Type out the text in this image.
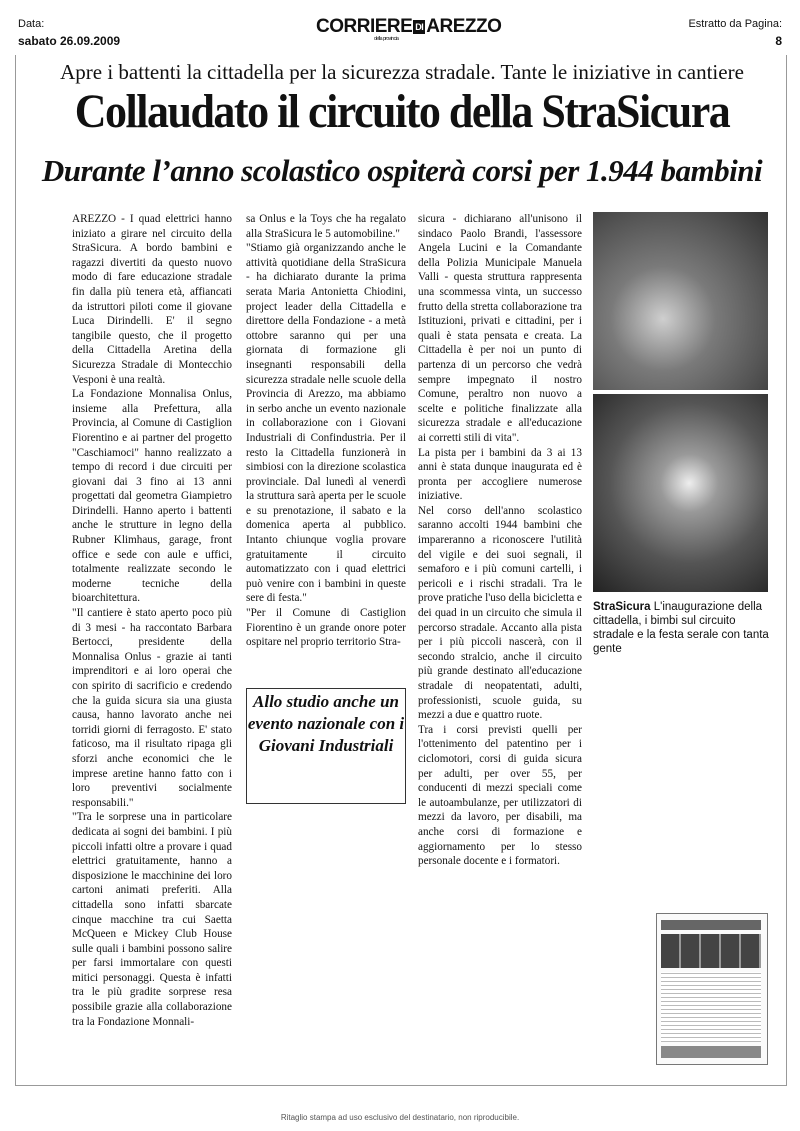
Data:
sabato 26.09.2009
Estratto da Pagina:
8
CORRIERE DI AREZZO
della provincia
Apre i battenti la cittadella per la sicurezza stradale. Tante le iniziative in cantiere
Collaudato il circuito della StraSicura
Durante l’anno scolastico ospiterà corsi per 1.944 bambini

AREZZO - I quad elettrici hanno iniziato a girare nel circuito della StraSicura. A bordo bambini e ragazzi divertiti da questo nuovo modo di fare educazione stradale fin dalla più tenera età, affiancati da istruttori piloti come il giovane Luca Dirindelli. E' il segno tangibile questo, che il progetto della Cittadella Aretina della Sicurezza Stradale di Montecchio Vesponi è una realtà.

La Fondazione Monnalisa Onlus, insieme alla Prefettura, alla Provincia, al Comune di Castiglion Fiorentino e ai partner del progetto "Caschiamoci" hanno realizzato a tempo di record i due circuiti per giovani dai 3 fino ai 13 anni progettati dal geometra Giampietro Dirindelli. Hanno aperto i battenti anche le strutture in legno della Rubner Klimhaus, garage, front office e sede con aule e uffici, totalmente realizzate secondo le moderne tecniche della bioarchitettura.

"Il cantiere è stato aperto poco più di 3 mesi - ha raccontato Barbara Bertocci, presidente della Monnalisa Onlus - grazie ai tanti imprenditori e ai loro operai che con spirito di sacrificio e credendo che la guida sicura sia una giusta causa, hanno lavorato anche nei torridi giorni di ferragosto. E' stato faticoso, ma il risultato ripaga gli sforzi anche economici che le imprese aretine hanno fatto con i loro preventivi socialmente responsabili."

"Tra le sorprese una in particolare dedicata ai sogni dei bambini. I più piccoli infatti oltre a provare i quad elettrici gratuitamente, hanno a disposizione le macchinine dei loro cartoni animati preferiti. Alla cittadella sono infatti sbarcate cinque macchine tra cui Saetta McQueen e Mickey Club House sulle quali i bambini possono salire per farsi immortalare con questi mitici personaggi. Questa è infatti tra le più gradite sorprese resa possibile grazie alla collaborazione tra la Fondazione Monnali-

sa Onlus e la Toys che ha regalato alla StraSicura le 5 automobiline."

"Stiamo già organizzando anche le attività quotidiane della StraSicura - ha dichiarato durante la prima serata Maria Antonietta Chiodini, project leader della Cittadella e direttore della Fondazione - a metà ottobre saranno qui per una giornata di formazione gli insegnanti responsabili della sicurezza stradale nelle scuole della Provincia di Arezzo, ma abbiamo in serbo anche un evento nazionale in collaborazione con i Giovani Industriali di Confindustria. Per il resto la Cittadella funzionerà in simbiosi con la direzione scolastica provinciale. Dal lunedì al venerdì la struttura sarà aperta per le scuole e su prenotazione, il sabato e la domenica aperta al pubblico. Intanto chiunque voglia provare gratuitamente il circuito automatizzato con i quad elettrici può venire con i bambini in queste sere di festa."

"Per il Comune di Castiglion Fiorentino è un grande onore poter ospitare nel proprio territorio Stra-

Allo studio anche un evento nazionale con i Giovani Industriali

sicura - dichiarano all'unisono il sindaco Paolo Brandi, l'assessore Angela Lucini e la Comandante della Polizia Municipale Manuela Valli - questa struttura rappresenta una scommessa vinta, un successo frutto della stretta collaborazione tra Istituzioni, privati e cittadini, per i quali è stata pensata e creata. La Cittadella è per noi un punto di partenza di un percorso che vedrà sempre impegnato il nostro Comune, peraltro non nuovo a scelte e politiche finalizzate alla sicurezza stradale e all'educazione ai corretti stili di vita".

La pista per i bambini da 3 ai 13 anni è stata dunque inaugurata ed è pronta per accogliere numerose iniziative.

Nel corso dell'anno scolastico saranno accolti 1944 bambini che impareranno a riconoscere l'utilità del vigile e dei suoi segnali, il semaforo e i più comuni cartelli, i pericoli e i rischi stradali. Tra le prove pratiche l'uso della bicicletta e dei quad in un circuito che simula il percorso stradale. Accanto alla pista per i più piccoli nascerà, con il secondo stralcio, anche il circuito più grande destinato all'educazione stradale di neopatentati, adulti, professionisti, scuole guida, su mezzi a due e quattro ruote.

Tra i corsi previsti quelli per l'ottenimento del patentino per i ciclomotori, corsi di guida sicura per adulti, per over 55, per conducenti di mezzi speciali come le autoambulanze, per utilizzatori di mezzi da lavoro, per disabili, ma anche corsi di formazione e aggiornamento per lo stesso personale docente e i formatori.

StraSicura L'inaugurazione della cittadella, i bimbi sul circuito stradale e la festa serale con tanta gente
Ritaglio stampa ad uso esclusivo del destinatario, non riproducibile.
